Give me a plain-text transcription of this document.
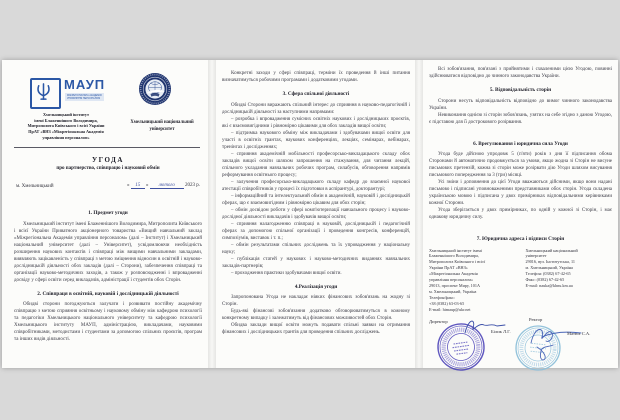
МАУП
МІЖРЕГІОНАЛЬНА АКАДЕМІЯ
УПРАВЛІННЯ ПЕРСОНАЛОМ
Хмельницький інститут
імені Блаженнішого Володимира,
Митрополита Київського і всієї України
ПрАТ «ВНЗ «Міжрегіональна Академія
управління персоналом»
Хмельницький національний
університет
УГОДА
про партнерство, співпрацю і науковий обмін
м. Хмельницький	« 15 » лютого 2023 р.
1. Предмет угоди

Хмельницький інститут імені Блаженнішого Володимира, Митрополита Київського і всієї України Приватного акціонерного товариства «Вищий навчальний заклад «Міжрегіональна Академія управління персоналом» (далі – Інститут) і Хмельницький національний університет (далі – Університет), усвідомлюючи необхідність розширення наукових контактів і співпраці між вищими навчальними закладами, виявляють зацікавленість у співпраці з метою зміцнення відносин в освітній і науково-дослідницькій діяльності обох закладів (далі – Сторони), забезпечення співпраці та організації науково-методичних заходів, а також у розповсюдженні і впровадженні досвіду у сфері освіти серед викладачів, адміністрації і студентів обох Сторін.

2. Співпраця в освітній, науковій і дослідницькій діяльності

Обидві сторони погоджуються залучати і розвивати постійну академічну співпрацю з метою сприяння освітньому і науковому обміну між кафедрою психології та педагогіки Хмельницького національного університету та кафедрою психології Хмельницького інституту МАУП, адміністрацією, викладачами, науковими співробітниками, методистами і студентами за допомогою спільних проєктів, програм та інших видів діяльності.

Конкретні заходи у сфері співпраці, терміни їх проведення й інші питання визначатимуться робочими програмами і додатковими угодами.

3. Сфера спільної діяльності

Обидві Сторони виражають спільний інтерес до сприяння в науково-педагогічній і дослідницькій діяльності за наступними напрямами:

– розробка і впровадження сумісних освітніх наукових і дослідницьких проєктів, які є взаємовигідними і рівномірно цікавими для обох закладів вищої освіти;

– підтримка наукового обміну між викладачами і здобувачами вищої освіти для участі в освітніх грантах, наукових конференціях, лекціях, семінарах, вебінарах, тренінгах і дослідженнях;

– сприяння академічній мобільності професорсько-викладацького складу обох закладів вищої освіти шляхом запрошення на стажування, для читання лекцій, спільного укладання навчальних робочих програм, силабусів, обговорення напрямів реформування освітнього процесу;

– залучення професорсько-викладацького складу кафедр до взаємної наукової атестації співробітників у процесі їх підготовки в аспірантурі, докторантурі;

– інформаційний та інтелектуальний обмін в академічній, науковій і дослідницькій сферах, що є взаємовигідним і рівномірно цікавим для обох сторін;

– обмін досвідом роботи у сфері комп'ютеризації навчального процесу і науково-дослідної діяльності викладачів і здобувачів вищої освіти;

– сприяння налагодженню співпраці в науковій, дослідницькій і педагогічній сферах за допомогою спільної організації і проведення конгресів, конференцій, симпозіумів, виставок і т. п.;

– обмін результатами спільних досліджень та їх упровадження у національну науку;

– публікація статей у наукових і науково-методичних виданнях навчальних закладів-партнерів;

– проходження практики здобувачами вищої освіти.

4.Реалізація угоди

Запропонована Угода не накладає ніяких фінансових зобов'язань на жодну зі Сторін.

Будь-які фінансові зобов'язання додатково обговорюватимуться в кожному конкретному випадку і залежатимуть від фінансових можливостей обох Сторін.

Обидва заклади вищої освіти можуть подавати спільні заявки на отримання фінансових і дослідницьких грантів для проведення спільних досліджень.

Всі зобов'язання, пов'язані з прийнятими і схваленими цією Угодою, повинні здійснюватися відповідно до чинного законодавства України.

5. Відповідальність сторін

Сторони несуть відповідальність відповідно до вимог чинного законодавства України.

Невиконання однією зі сторін зобов'язань, узятих на себе згідно з даною Угодою, є підставою для її дострокового розірвання.

6. Врегулювання і юридична сила Угоди

Угода буде дійсною упродовж 5 (п'яти) років з дня її підписання обома Сторонами й автоматично продовжується за умови, якщо жодна зі Сторін не висуне письмових претензій, кожна зі сторін може розірвати дію Угоди шляхом висування письмового попередження за 3 (три) місяці.

Усі зміни і доповнення до цієї Угоди вважаються дійсними, якщо вони надані письмово і підписані уповноваженими представниками обох сторін. Угода складена українською мовою і підписана у двох примірниках відповідальними керівниками кожної Сторони.

Угода зберігається у двох примірниках, по одній у кожної зі Сторін, і має однакову юридичну силу.

7. Юридична адреса і підписи Сторін
Хмельницький інститут імені
Блаженнішого Володимира,
Митрополита Київського і всієї
України ПрАТ «ВНЗ»
«Міжрегіональна Академія
управління персоналом»
29013, проспект Миру, 101А
м. Хмельницький, Україна
Телефон/факс:
+38 (0382) 63-03-65
E-mail: himaup@ukr.net
Хмельницький національний
університет
29016, вул. Інститутська, 11
м. Хмельницький, Україна
Телефон: (0382) 67-42-65
Факс: (0382) 67-42-65
E-mail: nauka@khnu.km.ua
Директор	Ректор
Білик Л.Г.	Матюх С.А.
